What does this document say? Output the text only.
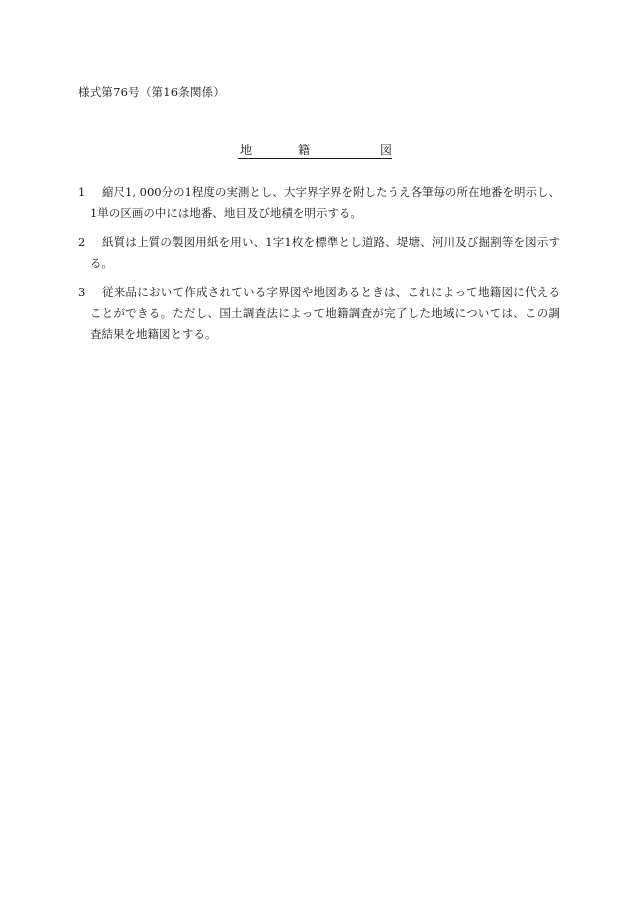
様式第76号（第16条関係）
地	籍	図
1	縮尺1, 000分の1程度の実測とし、大字界字界を附したうえ各筆毎の所在地番を明示し、1単の区画の中には地番、地目及び地積を明示する。
2	紙質は上質の製図用紙を用い、1字1枚を標準とし道路、堤塘、河川及び掘割等を図示する。
3	従来品において作成されている字界図や地図あるときは、これによって地籍図に代えることができる。ただし、国土調査法によって地籍調査が完了した地域については、この調査結果を地籍図とする。
